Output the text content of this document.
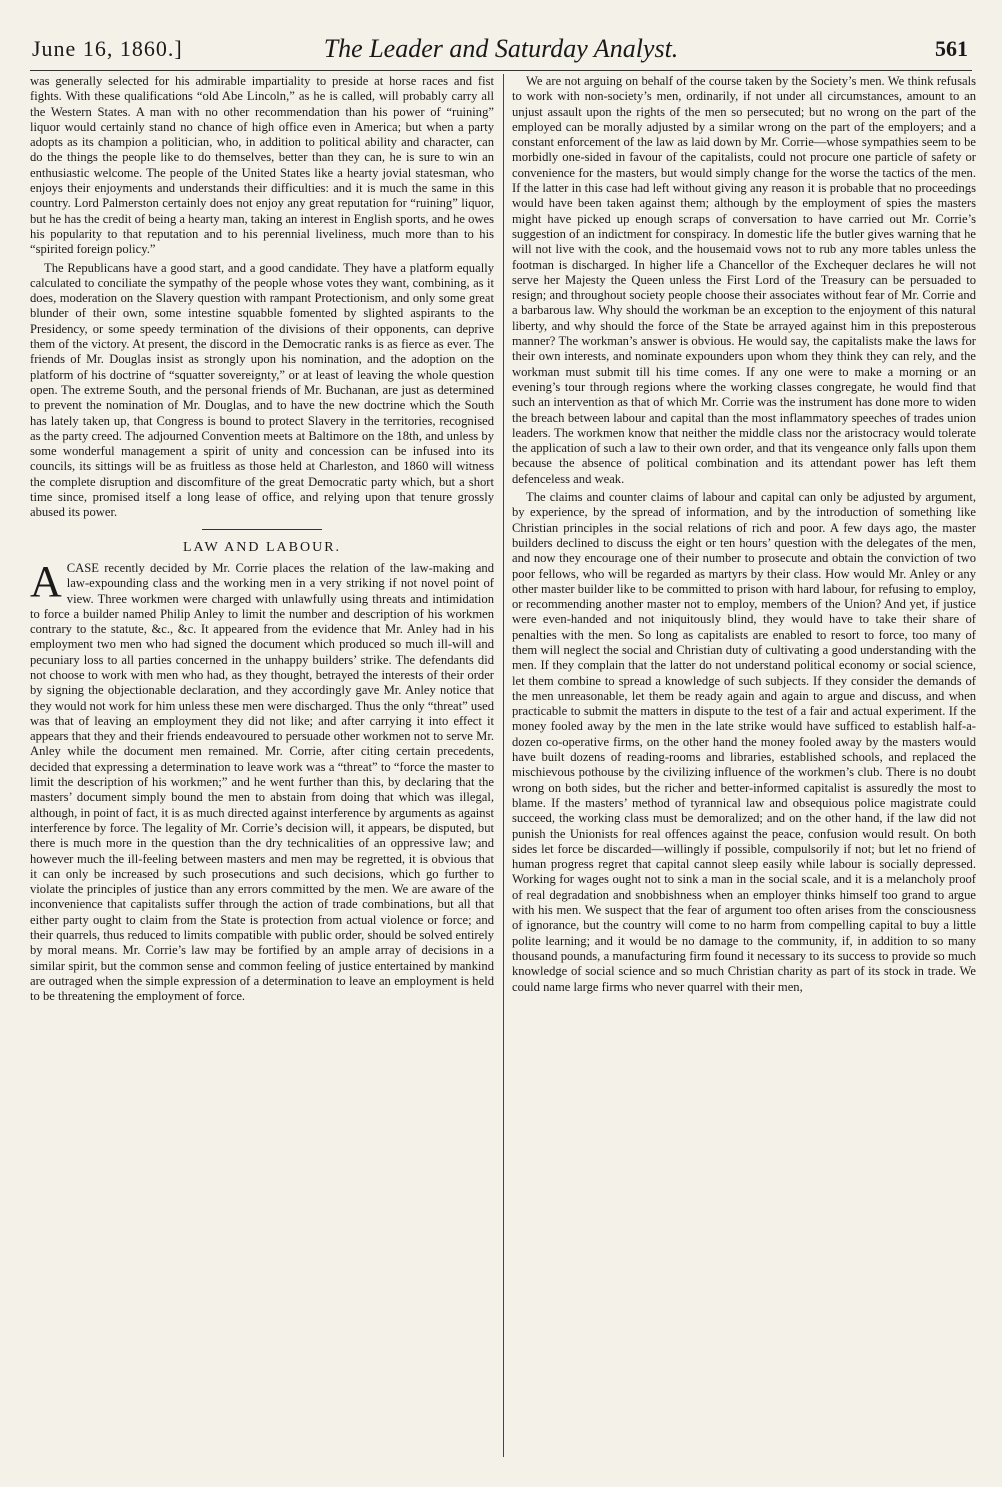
June 16, 1860.]	The Leader and Saturday Analyst.	561

was generally selected for his admirable impartiality to preside at horse races and fist fights. With these qualifications “old Abe Lincoln,” as he is called, will probably carry all the Western States. A man with no other recommendation than his power of “ruining” liquor would certainly stand no chance of high office even in America; but when a party adopts as its champion a politician, who, in addition to political ability and character, can do the things the people like to do themselves, better than they can, he is sure to win an enthusiastic welcome. The people of the United States like a hearty jovial statesman, who enjoys their enjoyments and understands their difficulties: and it is much the same in this country. Lord Palmerston certainly does not enjoy any great reputation for “ruining” liquor, but he has the credit of being a hearty man, taking an interest in English sports, and he owes his popularity to that reputation and to his perennial liveliness, much more than to his “spirited foreign policy.”

The Republicans have a good start, and a good candidate. They have a platform equally calculated to conciliate the sympathy of the people whose votes they want, combining, as it does, moderation on the Slavery question with rampant Protectionism, and only some great blunder of their own, some intestine squabble fomented by slighted aspirants to the Presidency, or some speedy termination of the divisions of their opponents, can deprive them of the victory. At present, the discord in the Democratic ranks is as fierce as ever. The friends of Mr. Douglas insist as strongly upon his nomination, and the adoption on the platform of his doctrine of “squatter sovereignty,” or at least of leaving the whole question open. The extreme South, and the personal friends of Mr. Buchanan, are just as determined to prevent the nomination of Mr. Douglas, and to have the new doctrine which the South has lately taken up, that Congress is bound to protect Slavery in the territories, recognised as the party creed. The adjourned Convention meets at Baltimore on the 18th, and unless by some wonderful management a spirit of unity and concession can be infused into its councils, its sittings will be as fruitless as those held at Charleston, and 1860 will witness the complete disruption and discomfiture of the great Democratic party which, but a short time since, promised itself a long lease of office, and relying upon that tenure grossly abused its power.

LAW AND LABOUR.

A CASE recently decided by Mr. Corrie places the relation of the law-making and law-expounding class and the working men in a very striking if not novel point of view. Three workmen were charged with unlawfully using threats and intimidation to force a builder named Philip Anley to limit the number and description of his workmen contrary to the statute, &c., &c. It appeared from the evidence that Mr. Anley had in his employment two men who had signed the document which produced so much ill-will and pecuniary loss to all parties concerned in the unhappy builders’ strike. The defendants did not choose to work with men who had, as they thought, betrayed the interests of their order by signing the objectionable declaration, and they accordingly gave Mr. Anley notice that they would not work for him unless these men were discharged. Thus the only “threat” used was that of leaving an employment they did not like; and after carrying it into effect it appears that they and their friends endeavoured to persuade other workmen not to serve Mr. Anley while the document men remained. Mr. Corrie, after citing certain precedents, decided that expressing a determination to leave work was a “threat” to “force the master to limit the description of his workmen;” and he went further than this, by declaring that the masters’ document simply bound the men to abstain from doing that which was illegal, although, in point of fact, it is as much directed against interference by arguments as against interference by force. The legality of Mr. Corrie’s decision will, it appears, be disputed, but there is much more in the question than the dry technicalities of an oppressive law; and however much the ill-feeling between masters and men may be regretted, it is obvious that it can only be increased by such prosecutions and such decisions, which go further to violate the principles of justice than any errors committed by the men. We are aware of the inconvenience that capitalists suffer through the action of trade combinations, but all that either party ought to claim from the State is protection from actual violence or force; and their quarrels, thus reduced to limits compatible with public order, should be solved entirely by moral means. Mr. Corrie’s law may be fortified by an ample array of decisions in a similar spirit, but the common sense and common feeling of justice entertained by mankind are outraged when the simple expression of a determination to leave an employment is held to be threatening the employment of force.

We are not arguing on behalf of the course taken by the Society’s men. We think refusals to work with non-society’s men, ordinarily, if not under all circumstances, amount to an unjust assault upon the rights of the men so persecuted; but no wrong on the part of the employed can be morally adjusted by a similar wrong on the part of the employers; and a constant enforcement of the law as laid down by Mr. Corrie—whose sympathies seem to be morbidly one-sided in favour of the capitalists, could not procure one particle of safety or convenience for the masters, but would simply change for the worse the tactics of the men. If the latter in this case had left without giving any reason it is probable that no proceedings would have been taken against them; although by the employment of spies the masters might have picked up enough scraps of conversation to have carried out Mr. Corrie’s suggestion of an indictment for conspiracy. In domestic life the butler gives warning that he will not live with the cook, and the housemaid vows not to rub any more tables unless the footman is discharged. In higher life a Chancellor of the Exchequer declares he will not serve her Majesty the Queen unless the First Lord of the Treasury can be persuaded to resign; and throughout society people choose their associates without fear of Mr. Corrie and a barbarous law. Why should the workman be an exception to the enjoyment of this natural liberty, and why should the force of the State be arrayed against him in this preposterous manner? The workman’s answer is obvious. He would say, the capitalists make the laws for their own interests, and nominate expounders upon whom they think they can rely, and the workman must submit till his time comes. If any one were to make a morning or an evening’s tour through regions where the working classes congregate, he would find that such an intervention as that of which Mr. Corrie was the instrument has done more to widen the breach between labour and capital than the most inflammatory speeches of trades union leaders. The workmen know that neither the middle class nor the aristocracy would tolerate the application of such a law to their own order, and that its vengeance only falls upon them because the absence of political combination and its attendant power has left them defenceless and weak.

The claims and counter claims of labour and capital can only be adjusted by argument, by experience, by the spread of information, and by the introduction of something like Christian principles in the social relations of rich and poor. A few days ago, the master builders declined to discuss the eight or ten hours’ question with the delegates of the men, and now they encourage one of their number to prosecute and obtain the conviction of two poor fellows, who will be regarded as martyrs by their class. How would Mr. Anley or any other master builder like to be committed to prison with hard labour, for refusing to employ, or recommending another master not to employ, members of the Union? And yet, if justice were even-handed and not iniquitously blind, they would have to take their share of penalties with the men. So long as capitalists are enabled to resort to force, too many of them will neglect the social and Christian duty of cultivating a good understanding with the men. If they complain that the latter do not understand political economy or social science, let them combine to spread a knowledge of such subjects. If they consider the demands of the men unreasonable, let them be ready again and again to argue and discuss, and when practicable to submit the matters in dispute to the test of a fair and actual experiment. If the money fooled away by the men in the late strike would have sufficed to establish half-a-dozen co-operative firms, on the other hand the money fooled away by the masters would have built dozens of reading-rooms and libraries, established schools, and replaced the mischievous pothouse by the civilizing influence of the workmen’s club. There is no doubt wrong on both sides, but the richer and better-informed capitalist is assuredly the most to blame. If the masters’ method of tyrannical law and obsequious police magistrate could succeed, the working class must be demoralized; and on the other hand, if the law did not punish the Unionists for real offences against the peace, confusion would result. On both sides let force be discarded—willingly if possible, compulsorily if not; but let no friend of human progress regret that capital cannot sleep easily while labour is socially depressed. Working for wages ought not to sink a man in the social scale, and it is a melancholy proof of real degradation and snobbishness when an employer thinks himself too grand to argue with his men. We suspect that the fear of argument too often arises from the consciousness of ignorance, but the country will come to no harm from compelling capital to buy a little polite learning; and it would be no damage to the community, if, in addition to so many thousand pounds, a manufacturing firm found it necessary to its success to provide so much knowledge of social science and so much Christian charity as part of its stock in trade. We could name large firms who never quarrel with their men,
